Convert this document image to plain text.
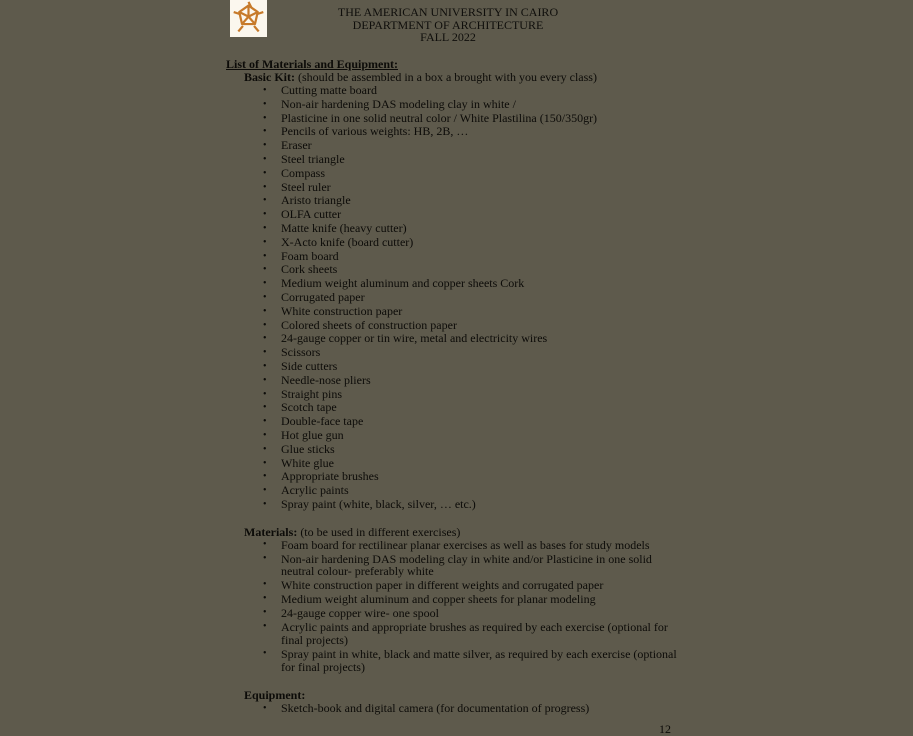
THE AMERICAN UNIVERSITY IN CAIRO
DEPARTMENT OF ARCHITECTURE
FALL 2022
List of Materials and Equipment:
Basic Kit: (should be assembled in a box a brought with you every class)
• Cutting matte board
• Non-air hardening DAS modeling clay in white /
• Plasticine in one solid neutral color / White Plastilina (150/350gr)
• Pencils of various weights: HB, 2B, …
• Eraser
• Steel triangle
• Compass
• Steel ruler
• Aristo triangle
• OLFA cutter
• Matte knife (heavy cutter)
• X-Acto knife (board cutter)
• Foam board
• Cork sheets
• Medium weight aluminum and copper sheets Cork
• Corrugated paper
• White construction paper
• Colored sheets of construction paper
• 24-gauge copper or tin wire, metal and electricity wires
• Scissors
• Side cutters
• Needle-nose pliers
• Straight pins
• Scotch tape
• Double-face tape
• Hot glue gun
• Glue sticks
• White glue
• Appropriate brushes
• Acrylic paints
• Spray paint (white, black, silver, … etc.)
Materials: (to be used in different exercises)
• Foam board for rectilinear planar exercises as well as bases for study models
• Non-air hardening DAS modeling clay in white and/or Plasticine in one solid neutral colour- preferably white
• White construction paper in different weights and corrugated paper
• Medium weight aluminum and copper sheets for planar modeling
• 24-gauge copper wire- one spool
• Acrylic paints and appropriate brushes as required by each exercise (optional for final projects)
• Spray paint in white, black and matte silver, as required by each exercise (optional for final projects)
Equipment:
• Sketch-book and digital camera (for documentation of progress)
12
